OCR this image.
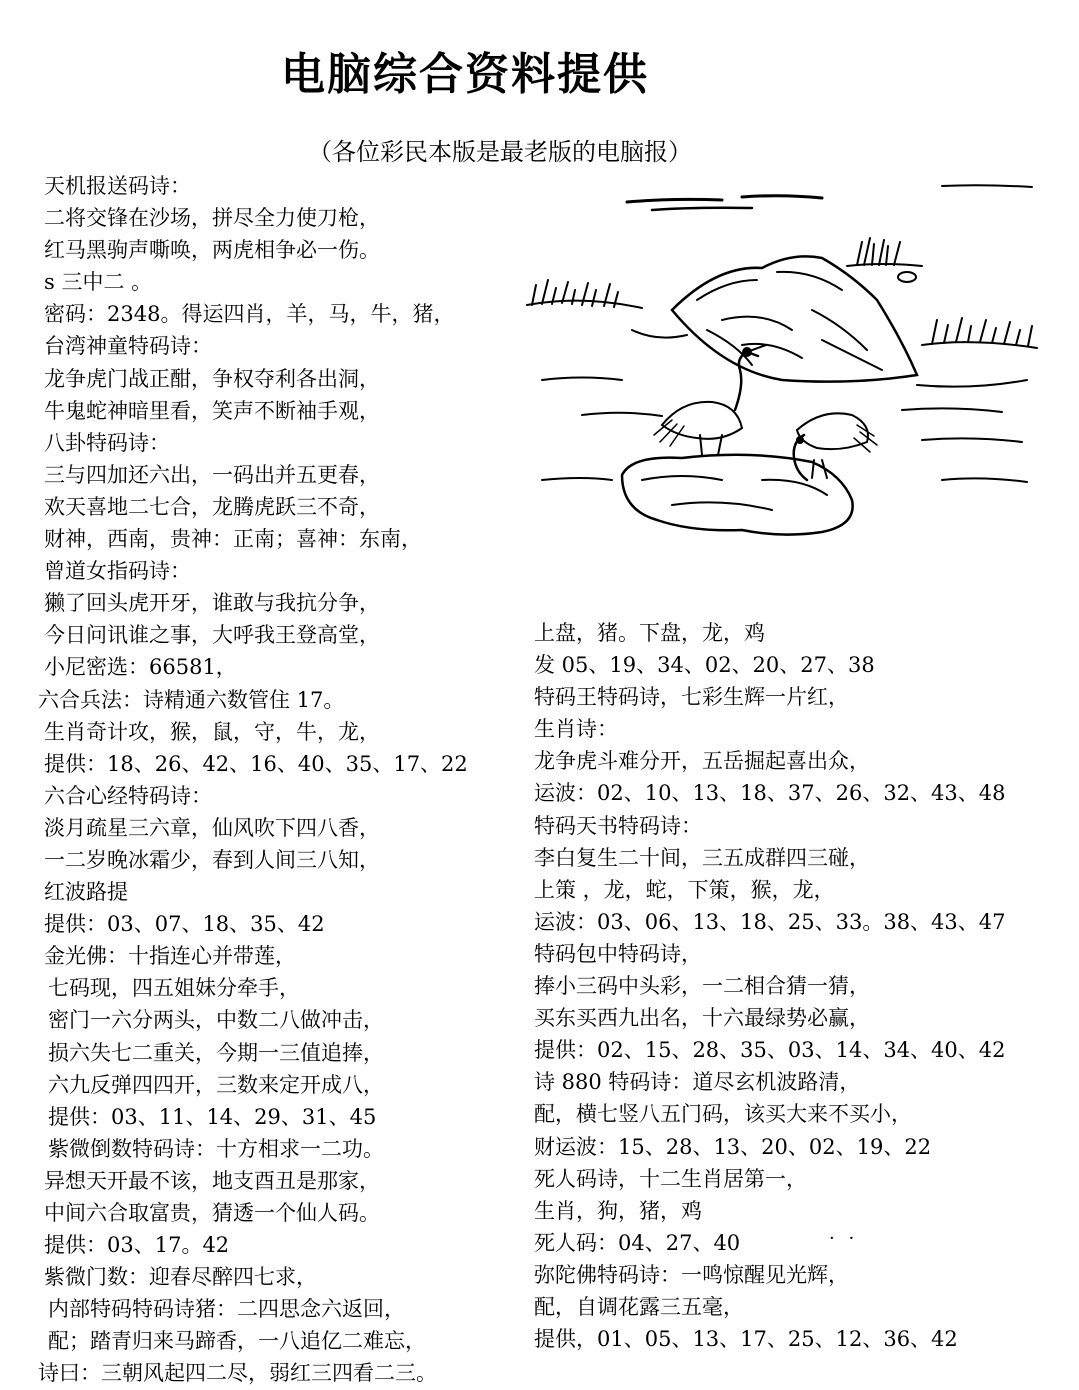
电脑综合资料提供
（各位彩民本版是最老版的电脑报）
天机报送码诗：
二将交锋在沙场，拼尽全力使刀枪，
红马黑驹声嘶唤，两虎相争必一伤。
s 三中二 。
密码：2348。得运四肖，羊，马，牛，猪，
台湾神童特码诗：
龙争虎门战正酣，争权夺利各出洞，
牛鬼蛇神暗里看，笑声不断袖手观，
八卦特码诗：
三与四加还六出，一码出并五更春，
欢天喜地二七合，龙腾虎跃三不奇，
财神，西南，贵神：正南；喜神：东南，
曾道女指码诗：
獭了回头虎开牙，谁敢与我抗分争，
今日问讯谁之事，大呼我王登高堂，
小尼密选：66581，
六合兵法：诗精通六数管住 17。
生肖奇计攻，猴，鼠，守，牛，龙，
提供：18、26、42、16、40、35、17、22
六合心经特码诗：
淡月疏星三六章，仙风吹下四八香，
一二岁晚冰霜少，春到人间三八知，
红波路提
提供：03、07、18、35、42
金光佛：十指连心并带莲，
七码现，四五姐妹分牵手，
密门一六分两头，中数二八做冲击，
损六失七二重关，今期一三值追捧，
六九反弹四四开，三数来定开成八，
提供：03、11、14、29、31、45
紫微倒数特码诗：十方相求一二功。
异想天开最不该，地支酉丑是那家，
中间六合取富贵，猜透一个仙人码。
提供：03、17。42
紫微门数：迎春尽醉四七求，
内部特码特码诗猪：二四思念六返回，
配；踏青归来马蹄香，一八追亿二难忘，
诗曰：三朝风起四二尽，弱红三四看二三。
上盘，猪。下盘，龙，鸡
发 05、19、34、02、20、27、38
特码王特码诗，七彩生辉一片红，
生肖诗：
龙争虎斗难分开，五岳掘起喜出众，
运波：02、10、13、18、37、26、32、43、48
特码天书特码诗：
李白复生二十间，三五成群四三碰，
上策 ，龙，蛇，下策，猴，龙，
运波：03、06、13、18、25、33。38、43、47
特码包中特码诗，
捧小三码中头彩，一二相合猜一猜，
买东买西九出名，十六最绿势必赢，
提供：02、15、28、35、03、14、34、40、42
诗 880 特码诗：道尽玄机波路清，
配，横七竖八五门码，该买大来不买小，
财运波：15、28、13、20、02、19、22
死人码诗，十二生肖居第一，
生肖，狗，猪，鸡
死人码：04、27、40
弥陀佛特码诗：一鸣惊醒见光辉，
配，自调花露三五毫，
提供，01、05、13、17、25、12、36、42
· ·
